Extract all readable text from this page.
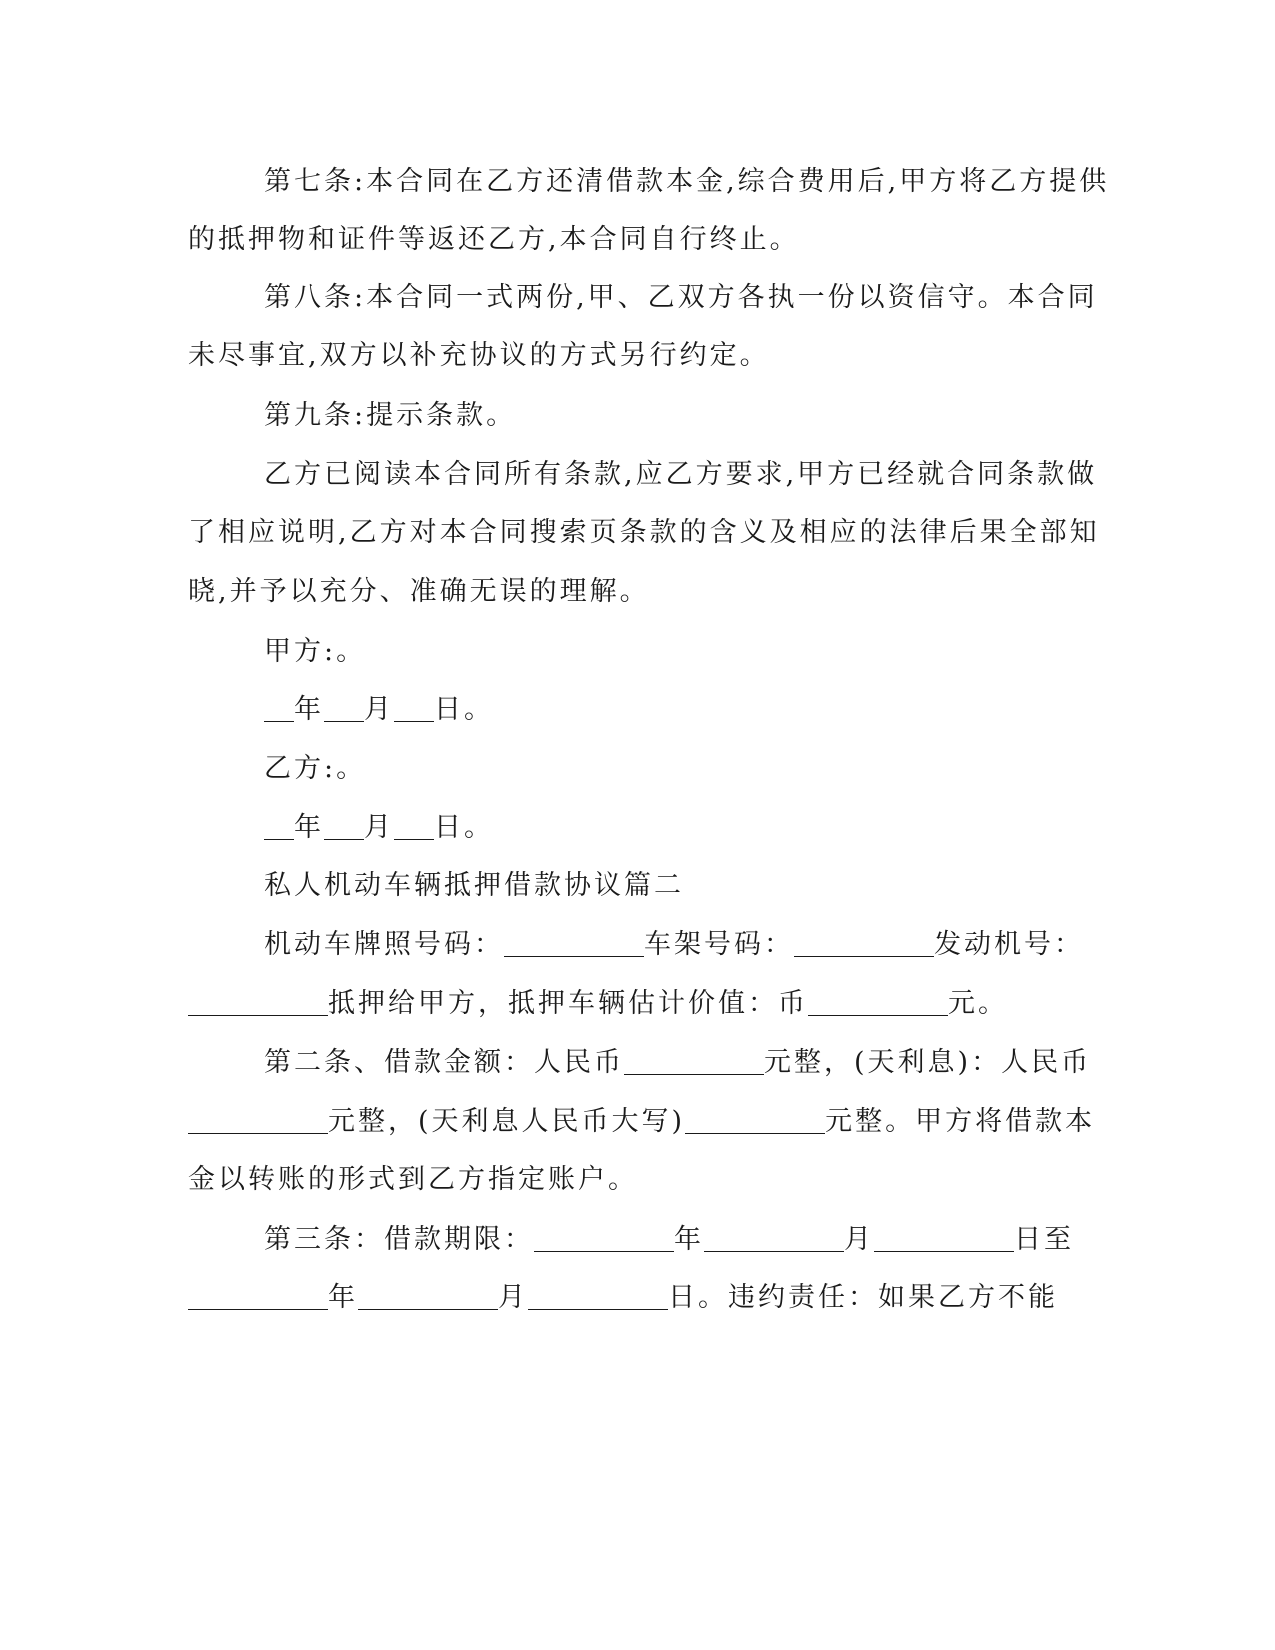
第七条:本合同在乙方还清借款本金,综合费用后,甲方将乙方提供
的抵押物和证件等返还乙方,本合同自行终止。
第八条:本合同一式两份,甲、乙双方各执一份以资信守。本合同
未尽事宜,双方以补充协议的方式另行约定。
第九条:提示条款。
乙方已阅读本合同所有条款,应乙方要求,甲方已经就合同条款做
了相应说明,乙方对本合同搜索页条款的含义及相应的法律后果全部知
晓,并予以充分、准确无误的理解。
甲方:。
年 月 日。
乙方:。
年 月 日。
私人机动车辆抵押借款协议篇二
机动车牌照号码：	车架号码：	发动机号：
抵押给甲方，抵押车辆估计价值：币	元。
第二条、借款金额：人民币	元整，(天利息)：人民币
元整，(天利息人民币大写)	元整。甲方将借款本
金以转账的形式到乙方指定账户。
第三条：借款期限：	年	月	日至
年	月	日。违约责任：如果乙方不能
